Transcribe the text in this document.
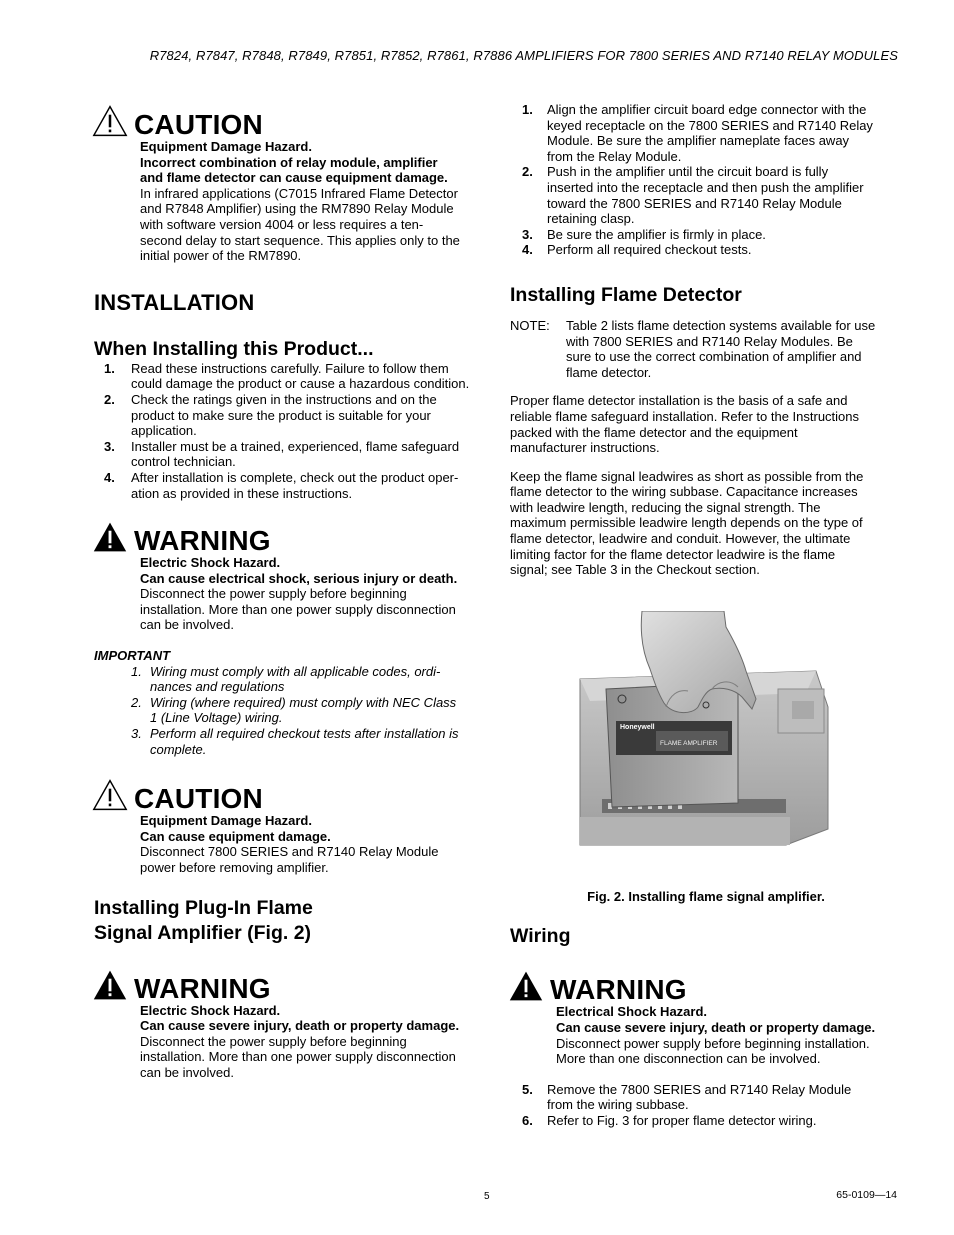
R7824, R7847, R7848, R7849, R7851, R7852, R7861, R7886 AMPLIFIERS FOR 7800 SERIES AND R7140 RELAY MODULES
CAUTION
Equipment Damage Hazard.
Incorrect combination of relay module, amplifier
and flame detector can cause equipment damage.
In infrared applications (C7015 Infrared Flame Detector
and R7848 Amplifier) using the RM7890 Relay Module
with software version 4004 or less requires a ten-
second delay to start sequence. This applies only to the
initial power of the RM7890.
INSTALLATION
When Installing this Product...
1. Read these instructions carefully. Failure to follow them
could damage the product or cause a hazardous condition.
2. Check the ratings given in the instructions and on the
product to make sure the product is suitable for your
application.
3. Installer must be a trained, experienced, flame safeguard
control technician.
4. After installation is complete, check out the product oper-
ation as provided in these instructions.
WARNING
Electric Shock Hazard.
Can cause electrical shock, serious injury or death.
Disconnect the power supply before beginning
installation. More than one power supply disconnection
can be involved.
IMPORTANT
1. Wiring must comply with all applicable codes, ordi-
nances and regulations
2. Wiring (where required) must comply with NEC Class
1 (Line Voltage) wiring.
3. Perform all required checkout tests after installation is
complete.
CAUTION
Equipment Damage Hazard.
Can cause equipment damage.
Disconnect 7800 SERIES and R7140 Relay Module
power before removing amplifier.
Installing Plug-In Flame
Signal Amplifier (Fig. 2)
WARNING
Electric Shock Hazard.
Can cause severe injury, death or property damage.
Disconnect the power supply before beginning
installation. More than one power supply disconnection
can be involved.
1. Align the amplifier circuit board edge connector with the
keyed receptacle on the 7800 SERIES and R7140 Relay
Module. Be sure the amplifier nameplate faces away
from the Relay Module.
2. Push in the amplifier until the circuit board is fully
inserted into the receptacle and then push the amplifier
toward the 7800 SERIES and R7140 Relay Module
retaining clasp.
3. Be sure the amplifier is firmly in place.
4. Perform all required checkout tests.
Installing Flame Detector
NOTE:	Table 2 lists flame detection systems available for use
with 7800 SERIES and R7140 Relay Modules. Be
sure to use the correct combination of amplifier and
flame detector.

Proper flame detector installation is the basis of a safe and
reliable flame safeguard installation. Refer to the Instructions
packed with the flame detector and the equipment
manufacturer instructions.

Keep the flame signal leadwires as short as possible from the
flame detector to the wiring subbase. Capacitance increases
with leadwire length, reducing the signal strength. The
maximum permissible leadwire length depends on the type of
flame detector, leadwire and conduit. However, the ultimate
limiting factor for the flame detector leadwire is the flame
signal; see Table 3 in the Checkout section.

Honeywell
FLAME AMPLIFIER
Fig. 2. Installing flame signal amplifier.
Wiring
WARNING
Electrical Shock Hazard.
Can cause severe injury, death or property damage.
Disconnect power supply before beginning installation.
More than one disconnection can be involved.
5. Remove the 7800 SERIES and R7140 Relay Module
from the wiring subbase.
6. Refer to Fig. 3 for proper flame detector wiring.
5	65-0109—14
